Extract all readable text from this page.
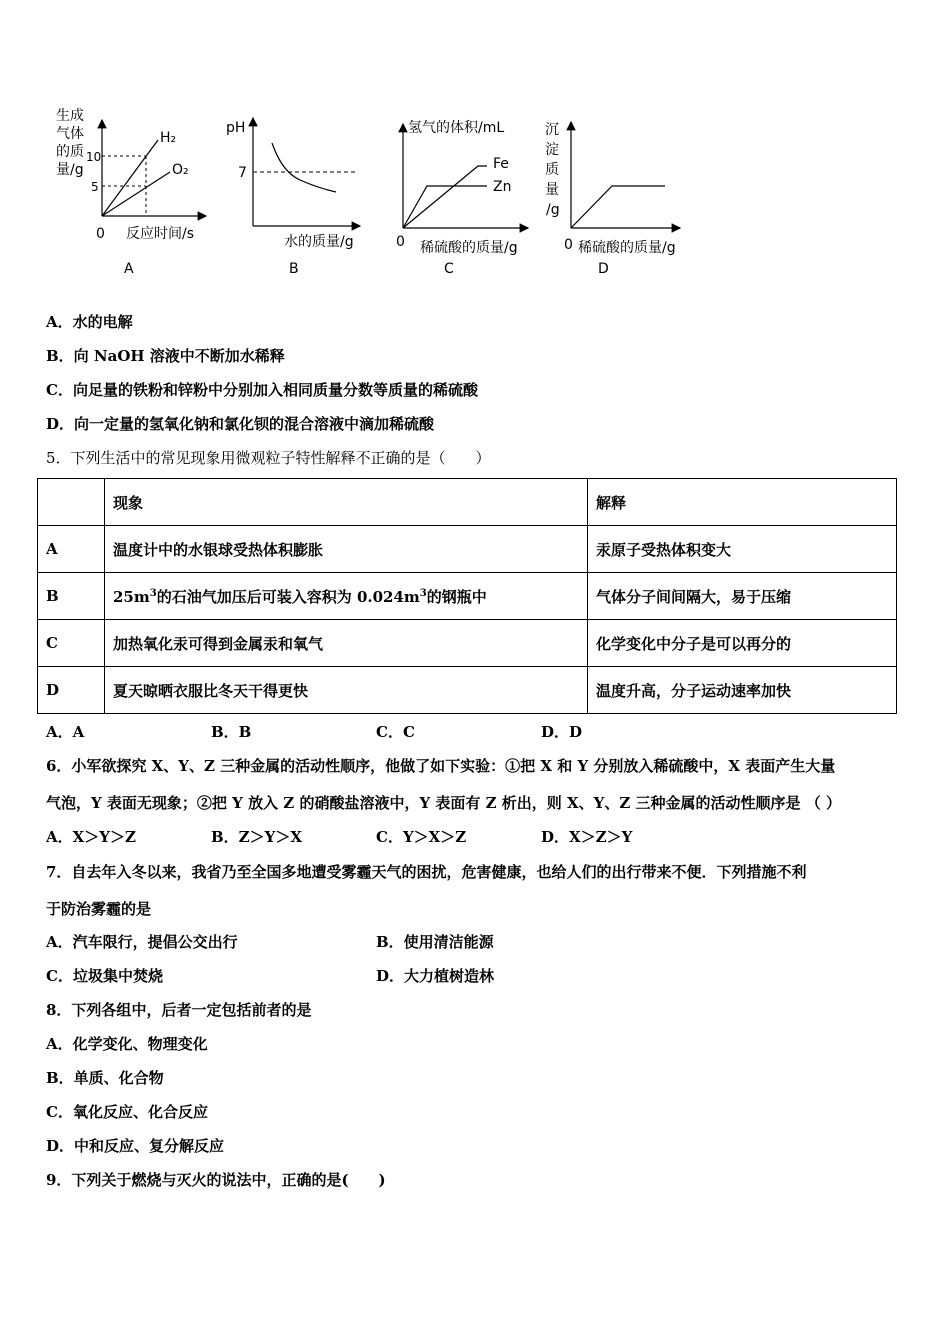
生成
气体
的质
量/g
10
5
0 反应时间/s
H₂
O₂
A
pH
7
水的质量/g
B
氢气的体积/mL
Fe
Zn
0 稀硫酸的质量/g
C
沉
淀
质
量
/g
0 稀硫酸的质量/g
D
A．水的电解
B．向 NaOH 溶液中不断加水稀释
C．向足量的铁粉和锌粉中分别加入相同质量分数等质量的稀硫酸
D．向一定量的氢氧化钠和氯化钡的混合溶液中滴加稀硫酸
5．下列生活中的常见现象用微观粒子特性解释不正确的是（　　）
	现象	解释
A	温度计中的水银球受热体积膨胀	汞原子受热体积变大
B	$25m^3$的石油气加压后可装入容积为 $0.024m^3$的钢瓶中	气体分子间间隔大，易于压缩
C	加热氧化汞可得到金属汞和氧气	化学变化中分子是可以再分的
D	夏天晾晒衣服比冬天干得更快	温度升高，分子运动速率加快
A．A	B．B	C．C	D．D
6．小军欲探究 X、Y、Z 三种金属的活动性顺序，他做了如下实验：①把 X 和 Y 分别放入稀硫酸中，X 表面产生大量
气泡，Y 表面无现象；②把 Y 放入 Z 的硝酸盐溶液中，Y 表面有 Z 析出，则 X、Y、Z 三种金属的活动性顺序是 （ ）
A．X＞Y＞Z	B．Z＞Y＞X	C．Y＞X＞Z	D．X＞Z＞Y
7．自去年入冬以来，我省乃至全国多地遭受雾霾天气的困扰，危害健康，也给人们的出行带来不便．下列措施不利
于防治雾霾的是
A．汽车限行，提倡公交出行	B．使用清洁能源
C．垃圾集中焚烧	D．大力植树造林
8．下列各组中，后者一定包括前者的是
A．化学变化、物理变化
B．单质、化合物
C．氧化反应、化合反应
D．中和反应、复分解反应
9．下列关于燃烧与灭火的说法中，正确的是(　　)
